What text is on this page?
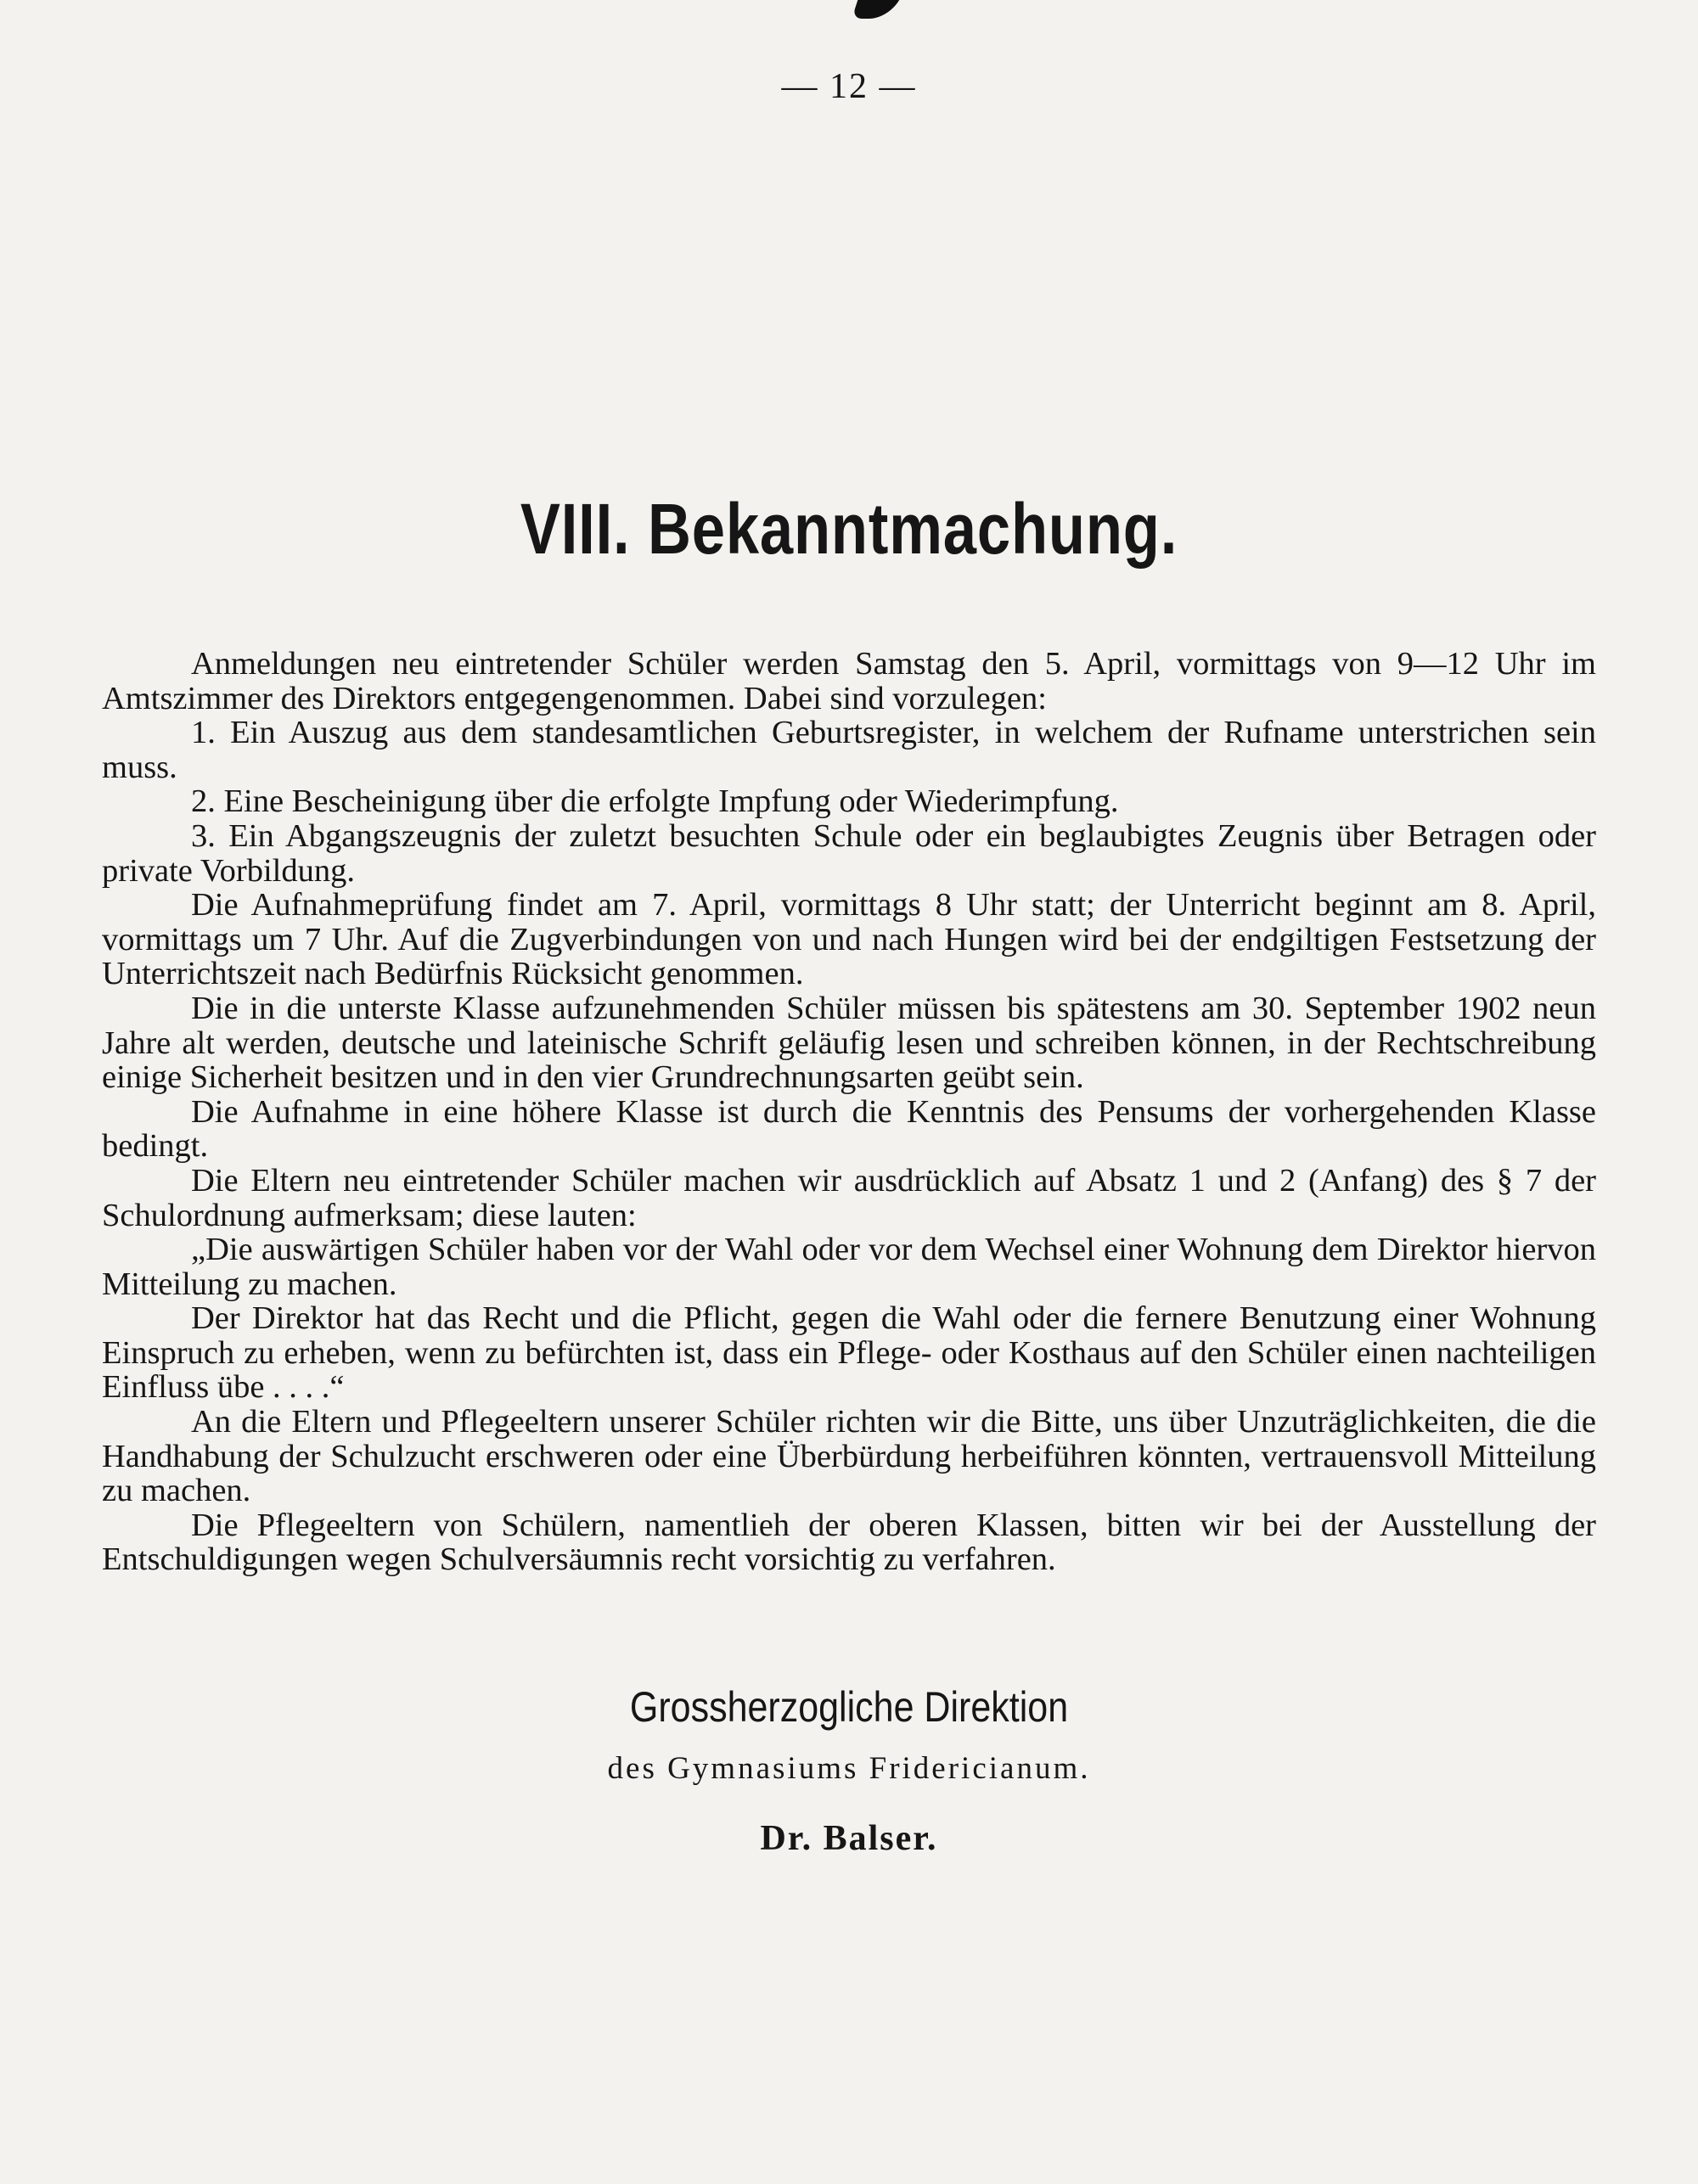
— 12 —
VIII. Bekanntmachung.

Anmeldungen neu eintretender Schüler werden Samstag den 5. April, vormittags von 9—12 Uhr im Amtszimmer des Direktors entgegengenommen. Dabei sind vorzulegen:

1. Ein Auszug aus dem standesamtlichen Geburtsregister, in welchem der Rufname unterstrichen sein muss.

2. Eine Bescheinigung über die erfolgte Impfung oder Wiederimpfung.

3. Ein Abgangszeugnis der zuletzt besuchten Schule oder ein beglaubigtes Zeugnis über Betragen oder private Vorbildung.

Die Aufnahmeprüfung findet am 7. April, vormittags 8 Uhr statt; der Unterricht beginnt am 8. April, vormittags um 7 Uhr. Auf die Zugverbindungen von und nach Hungen wird bei der endgiltigen Festsetzung der Unterrichtszeit nach Bedürfnis Rücksicht genommen.

Die in die unterste Klasse aufzunehmenden Schüler müssen bis spätestens am 30. September 1902 neun Jahre alt werden, deutsche und lateinische Schrift geläufig lesen und schreiben können, in der Rechtschreibung einige Sicherheit besitzen und in den vier Grundrechnungsarten geübt sein.

Die Aufnahme in eine höhere Klasse ist durch die Kenntnis des Pensums der vorhergehenden Klasse bedingt.

Die Eltern neu eintretender Schüler machen wir ausdrücklich auf Absatz 1 und 2 (Anfang) des § 7 der Schulordnung aufmerksam; diese lauten:

„Die auswärtigen Schüler haben vor der Wahl oder vor dem Wechsel einer Wohnung dem Direktor hiervon Mitteilung zu machen.

Der Direktor hat das Recht und die Pflicht, gegen die Wahl oder die fernere Benutzung einer Wohnung Einspruch zu erheben, wenn zu befürchten ist, dass ein Pflege- oder Kosthaus auf den Schüler einen nachteiligen Einfluss übe . . . .“

An die Eltern und Pflegeeltern unserer Schüler richten wir die Bitte, uns über Unzuträglichkeiten, die die Handhabung der Schulzucht erschweren oder eine Überbürdung herbeiführen könnten, vertrauensvoll Mitteilung zu machen.

Die Pflegeeltern von Schülern, namentlieh der oberen Klassen, bitten wir bei der Ausstellung der Entschuldigungen wegen Schulversäumnis recht vorsichtig zu verfahren.

Grossherzogliche Direktion
des Gymnasiums Fridericianum.
Dr. Balser.
